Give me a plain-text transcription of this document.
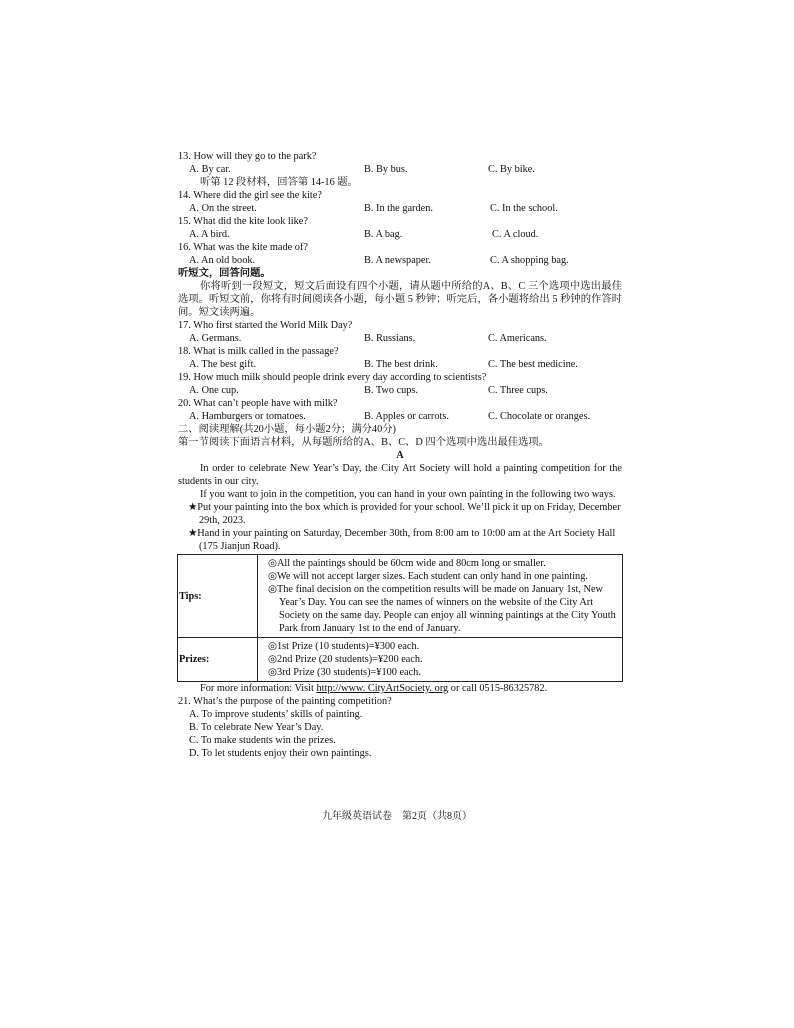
13. How will they go to the park?
A. By car.	B. By bus.	C. By bike.
听第 12 段材料，回答第 14-16 题。
14. Where did the girl see the kite?
A. On the street.	B. In the garden.	C. In the school.
15. What did the kite look like?
A. A bird.	B. A bag.	C. A cloud.
16. What was the kite made of?
A. An old book.	B. A newspaper.	C. A shopping bag.
听短文，回答问题。
你将听到一段短文，短文后面设有四个小题，请从题中所给的A、B、C 三个选项中选出最佳选项。听短文前，你将有时间阅读各小题，每小题 5 秒钟；听完后，各小题将给出 5 秒钟的作答时间。短文读两遍。
17. Who first started the World Milk Day?
A. Germans.	B. Russians.	C. Americans.
18. What is milk called in the passage?
A. The best gift.	B. The best drink.	C. The best medicine.
19. How much milk should people drink every day according to scientists?
A. One cup.	B. Two cups.	C. Three cups.
20. What can’t people have with milk?
A. Hamburgers or tomatoes.	B. Apples or carrots.	C. Chocolate or oranges.
二、阅读理解(共20小题，每小题2分；满分40分)
第一节阅读下面语言材料，从每题所给的A、B、C、D 四个选项中选出最佳选项。
A
In order to celebrate New Year’s Day, the City Art Society will hold a painting competition for the students in our city.
If you want to join in the competition, you can hand in your own painting in the following two ways.
★Put your painting into the box which is provided for your school. We’ll pick it up on Friday, December 29th, 2023.
★Hand in your painting on Saturday, December 30th, from 8:00 am to 10:00 am at the Art Society Hall (175 Jianjun Road).
Tips:	◎All the paintings should be 60cm wide and 80cm long or smaller.
◎We will not accept larger sizes. Each student can only hand in one painting.
◎The final decision on the competition results will be made on January 1st, New Year’s Day. You can see the names of winners on the website of the City Art Society on the same day. People can enjoy all winning paintings at the City Youth Park from January 1st to the end of January.

Prizes:	◎1st Prize (10 students)=¥300 each.
◎2nd Prize (20 students)=¥200 each.
◎3rd Prize (30 students)=¥100 each.
For more information: Visit http://www. CityArtSociety. org or call 0515-86325782.
21. What’s the purpose of the painting competition?
A. To improve students’ skills of painting.
B. To celebrate New Year’s Day.
C. To make students win the prizes.
D. To let students enjoy their own paintings.
九年级英语试卷　第2页（共8页）
